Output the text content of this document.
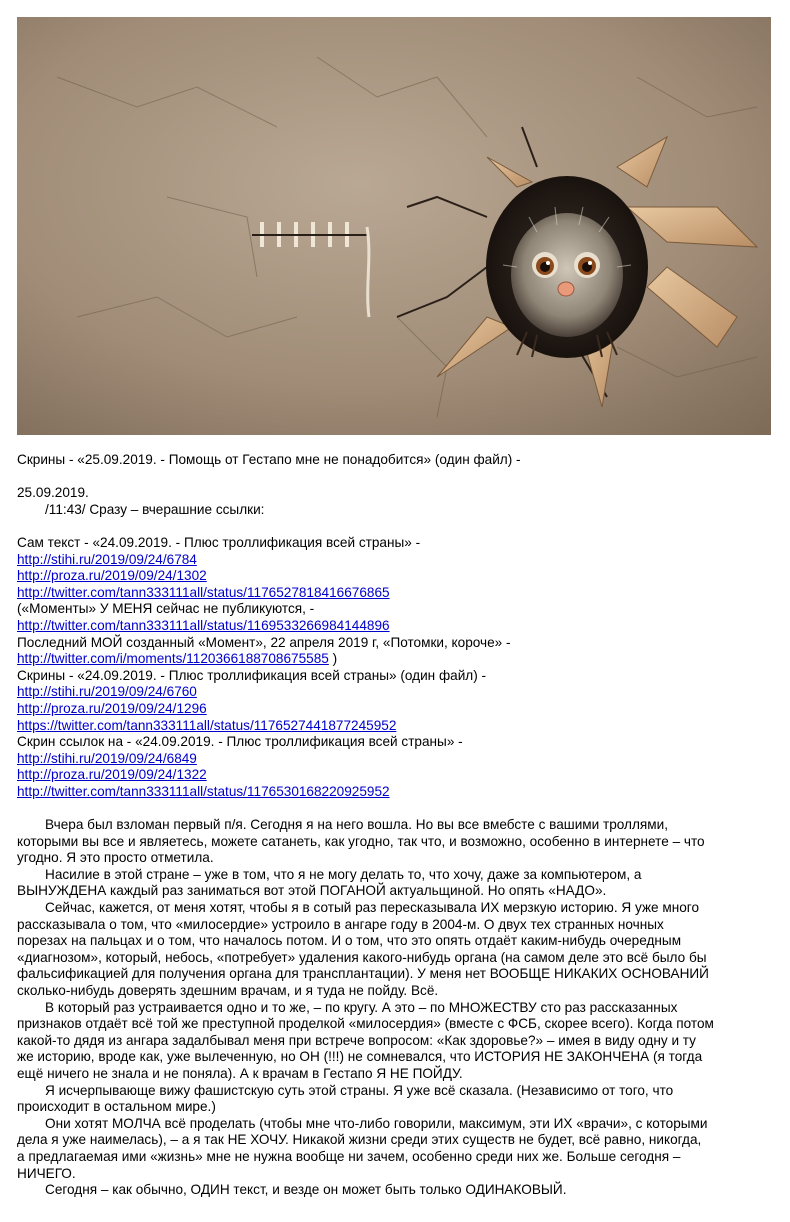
Скрины - «25.09.2019. - Помощь от Гестапо мне не понадобится» (один файл) -
25.09.2019.
/11:43/ Сразу – вчерашние ссылки:
Сам текст - «24.09.2019. - Плюс троллификация всей страны» -
http://stihi.ru/2019/09/24/6784
http://proza.ru/2019/09/24/1302
http://twitter.com/tann333111all/status/1176527818416676865
(«Моменты» У МЕНЯ сейчас не публикуются, -
http://twitter.com/tann333111all/status/1169533266984144896
Последний МОЙ созданный «Момент», 22 апреля 2019 г, «Потомки, короче» -
http://twitter.com/i/moments/1120366188708675585 )
Скрины - «24.09.2019. - Плюс троллификация всей страны» (один файл) -
http://stihi.ru/2019/09/24/6760
http://proza.ru/2019/09/24/1296
https://twitter.com/tann333111all/status/1176527441877245952
Скрин ссылок на - «24.09.2019. - Плюс троллификация всей страны» -
http://stihi.ru/2019/09/24/6849
http://proza.ru/2019/09/24/1322
http://twitter.com/tann333111all/status/1176530168220925952

Вчера был взломан первый п/я. Сегодня я на него вошла. Но вы все вмебсте с вашими троллями,
которыми вы все и являетесь, можете сатанеть, как угодно, так что, и возможно, особенно в интернете – что
угодно. Я это просто отметила.

Насилие в этой стране – уже в том, что я не могу делать то, что хочу, даже за компьютером, а
ВЫНУЖДЕНА каждый раз заниматься вот этой ПОГАНОЙ актуальщиной. Но опять «НАДО».

Сейчас, кажется, от меня хотят, чтобы я в сотый раз пересказывала ИХ мерзкую историю. Я уже много
рассказывала о том, что «милосердие» устроило в ангаре году в 2004-м. О двух тех странных ночных
порезах на пальцах и о том, что началось потом. И о том, что это опять отдаёт каким-нибудь очередным
«диагнозом», который, небось, «потребует» удаления какого-нибудь органа (на самом деле это всё было бы
фальсификацией для получения органа для трансплантации). У меня нет ВООБЩЕ НИКАКИХ ОСНОВАНИЙ
сколько-нибудь доверять здешним врачам, и я туда не пойду. Всё.

В который раз устраивается одно и то же, – по кругу. А это – по МНОЖЕСТВУ сто раз рассказанных
признаков отдаёт всё той же преступной проделкой «милосердия» (вместе с ФСБ, скорее всего). Когда потом
какой-то дядя из ангара задалбывал меня при встрече вопросом: «Как здоровье?» – имея в виду одну и ту
же историю, вроде как, уже вылеченную, но ОН (!!!) не сомневался, что ИСТОРИЯ НЕ ЗАКОНЧЕНА (я тогда
ещё ничего не знала и не поняла). А к врачам в Гестапо Я НЕ ПОЙДУ.

Я исчерпывающе вижу фашистскую суть этой страны. Я уже всё сказала. (Независимо от того, что
происходит в остальном мире.)

Они хотят МОЛЧА всё проделать (чтобы мне что-либо говорили, максимум, эти ИХ «врачи», с которыми
дела я уже наимелась), – а я так НЕ ХОЧУ. Никакой жизни среди этих существ не будет, всё равно, никогда,
а предлагаемая ими «жизнь» мне не нужна вообще ни зачем, особенно среди них же. Больше сегодня –
НИЧЕГО.

Сегодня – как обычно, ОДИН текст, и везде он может быть только ОДИНАКОВЫЙ.
